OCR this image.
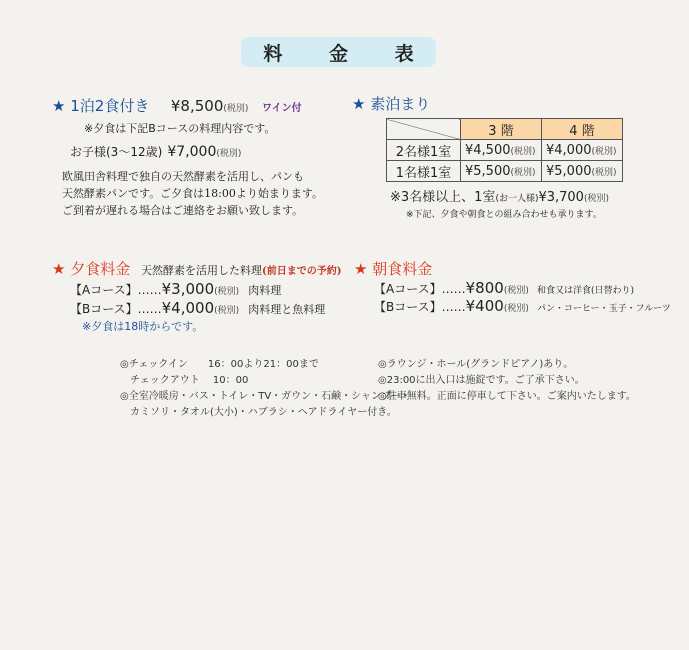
料 金 表
★ 1泊2食付き ¥8,500(税別) ワイン付
※夕食は下記Bコースの料理内容です。
お子様(3〜12歳) ¥7,000(税別)
欧風田舎料理で独自の天然酵素を活用し、パンも
天然酵素パンです。ご夕食は18:00より始まります。
ご到着が遅れる場合はご連絡をお願い致します。
★ 素泊まり
	3 階	4 階
2名様1室	¥4,500(税別)	¥4,000(税別)
1名様1室	¥5,500(税別)	¥5,000(税別)
※3名様以上、1室(お一人様)¥3,700(税別)
※下記、夕食や朝食との組み合わせも承ります。
★ 夕食料金 天然酵素を活用した料理(前日までの予約)
【Aコース】……¥3,000(税別) 肉料理
【Bコース】……¥4,000(税別) 肉料理と魚料理
※夕食は18時からです。
★ 朝食料金
【Aコース】……¥800(税別) 和食又は洋食(日替わり)
【Bコース】……¥400(税別) パン・コーヒー・玉子・フルーツ
◎チェックイン　　16：00より21：00まで
　チェックアウト　 10：00
◎全室冷暖房・バス・トイレ・TV・ガウン・石鹸・シャンプー・
　カミソリ・タオル(大小)・ハブラシ・ヘアドライヤー付き。
◎ラウンジ・ホール(グランドピアノ)あり。
◎23:00に出入口は施錠です。ご了承下さい。
◎駐車無料。正面に停車して下さい。ご案内いたします。
